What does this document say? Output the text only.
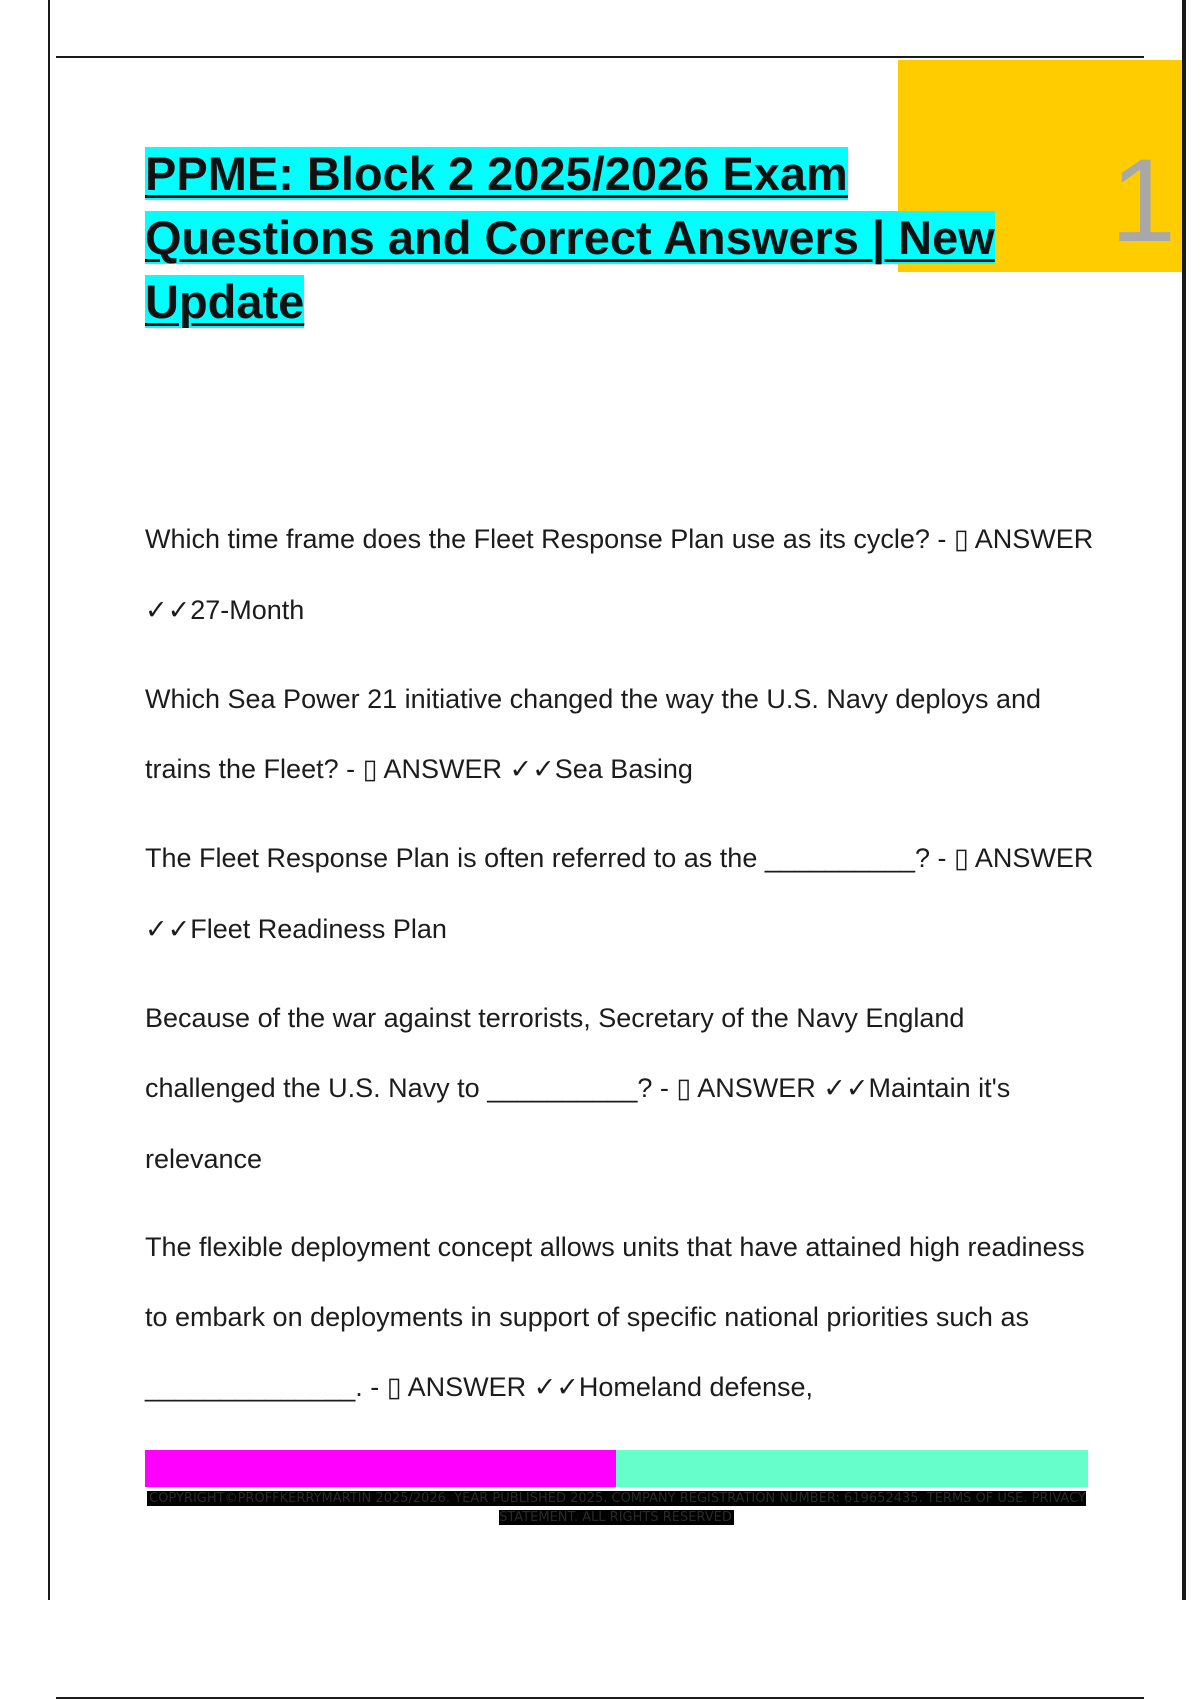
1
PPME: Block 2 2025/2026 Exam Questions and Correct Answers | New Update

Which time frame does the Fleet Response Plan use as its cycle? - ▯ ANSWER ✓✓27-Month

Which Sea Power 21 initiative changed the way the U.S. Navy deploys and trains the Fleet? - ▯ ANSWER ✓✓Sea Basing

The Fleet Response Plan is often referred to as the __________? - ▯ ANSWER ✓✓Fleet Readiness Plan

Because of the war against terrorists, Secretary of the Navy England challenged the U.S. Navy to __________? - ▯ ANSWER ✓✓Maintain it's relevance

The flexible deployment concept allows units that have attained high readiness to embark on deployments in support of specific national priorities such as ______________. - ▯ ANSWER ✓✓Homeland defense,

COPYRIGHT©PROFFKERRYMARTIN 2025/2026. YEAR PUBLISHED 2025. COMPANY REGISTRATION NUMBER: 619652435. TERMS OF USE. PRIVACY STATEMENT. ALL RIGHTS RESERVED
